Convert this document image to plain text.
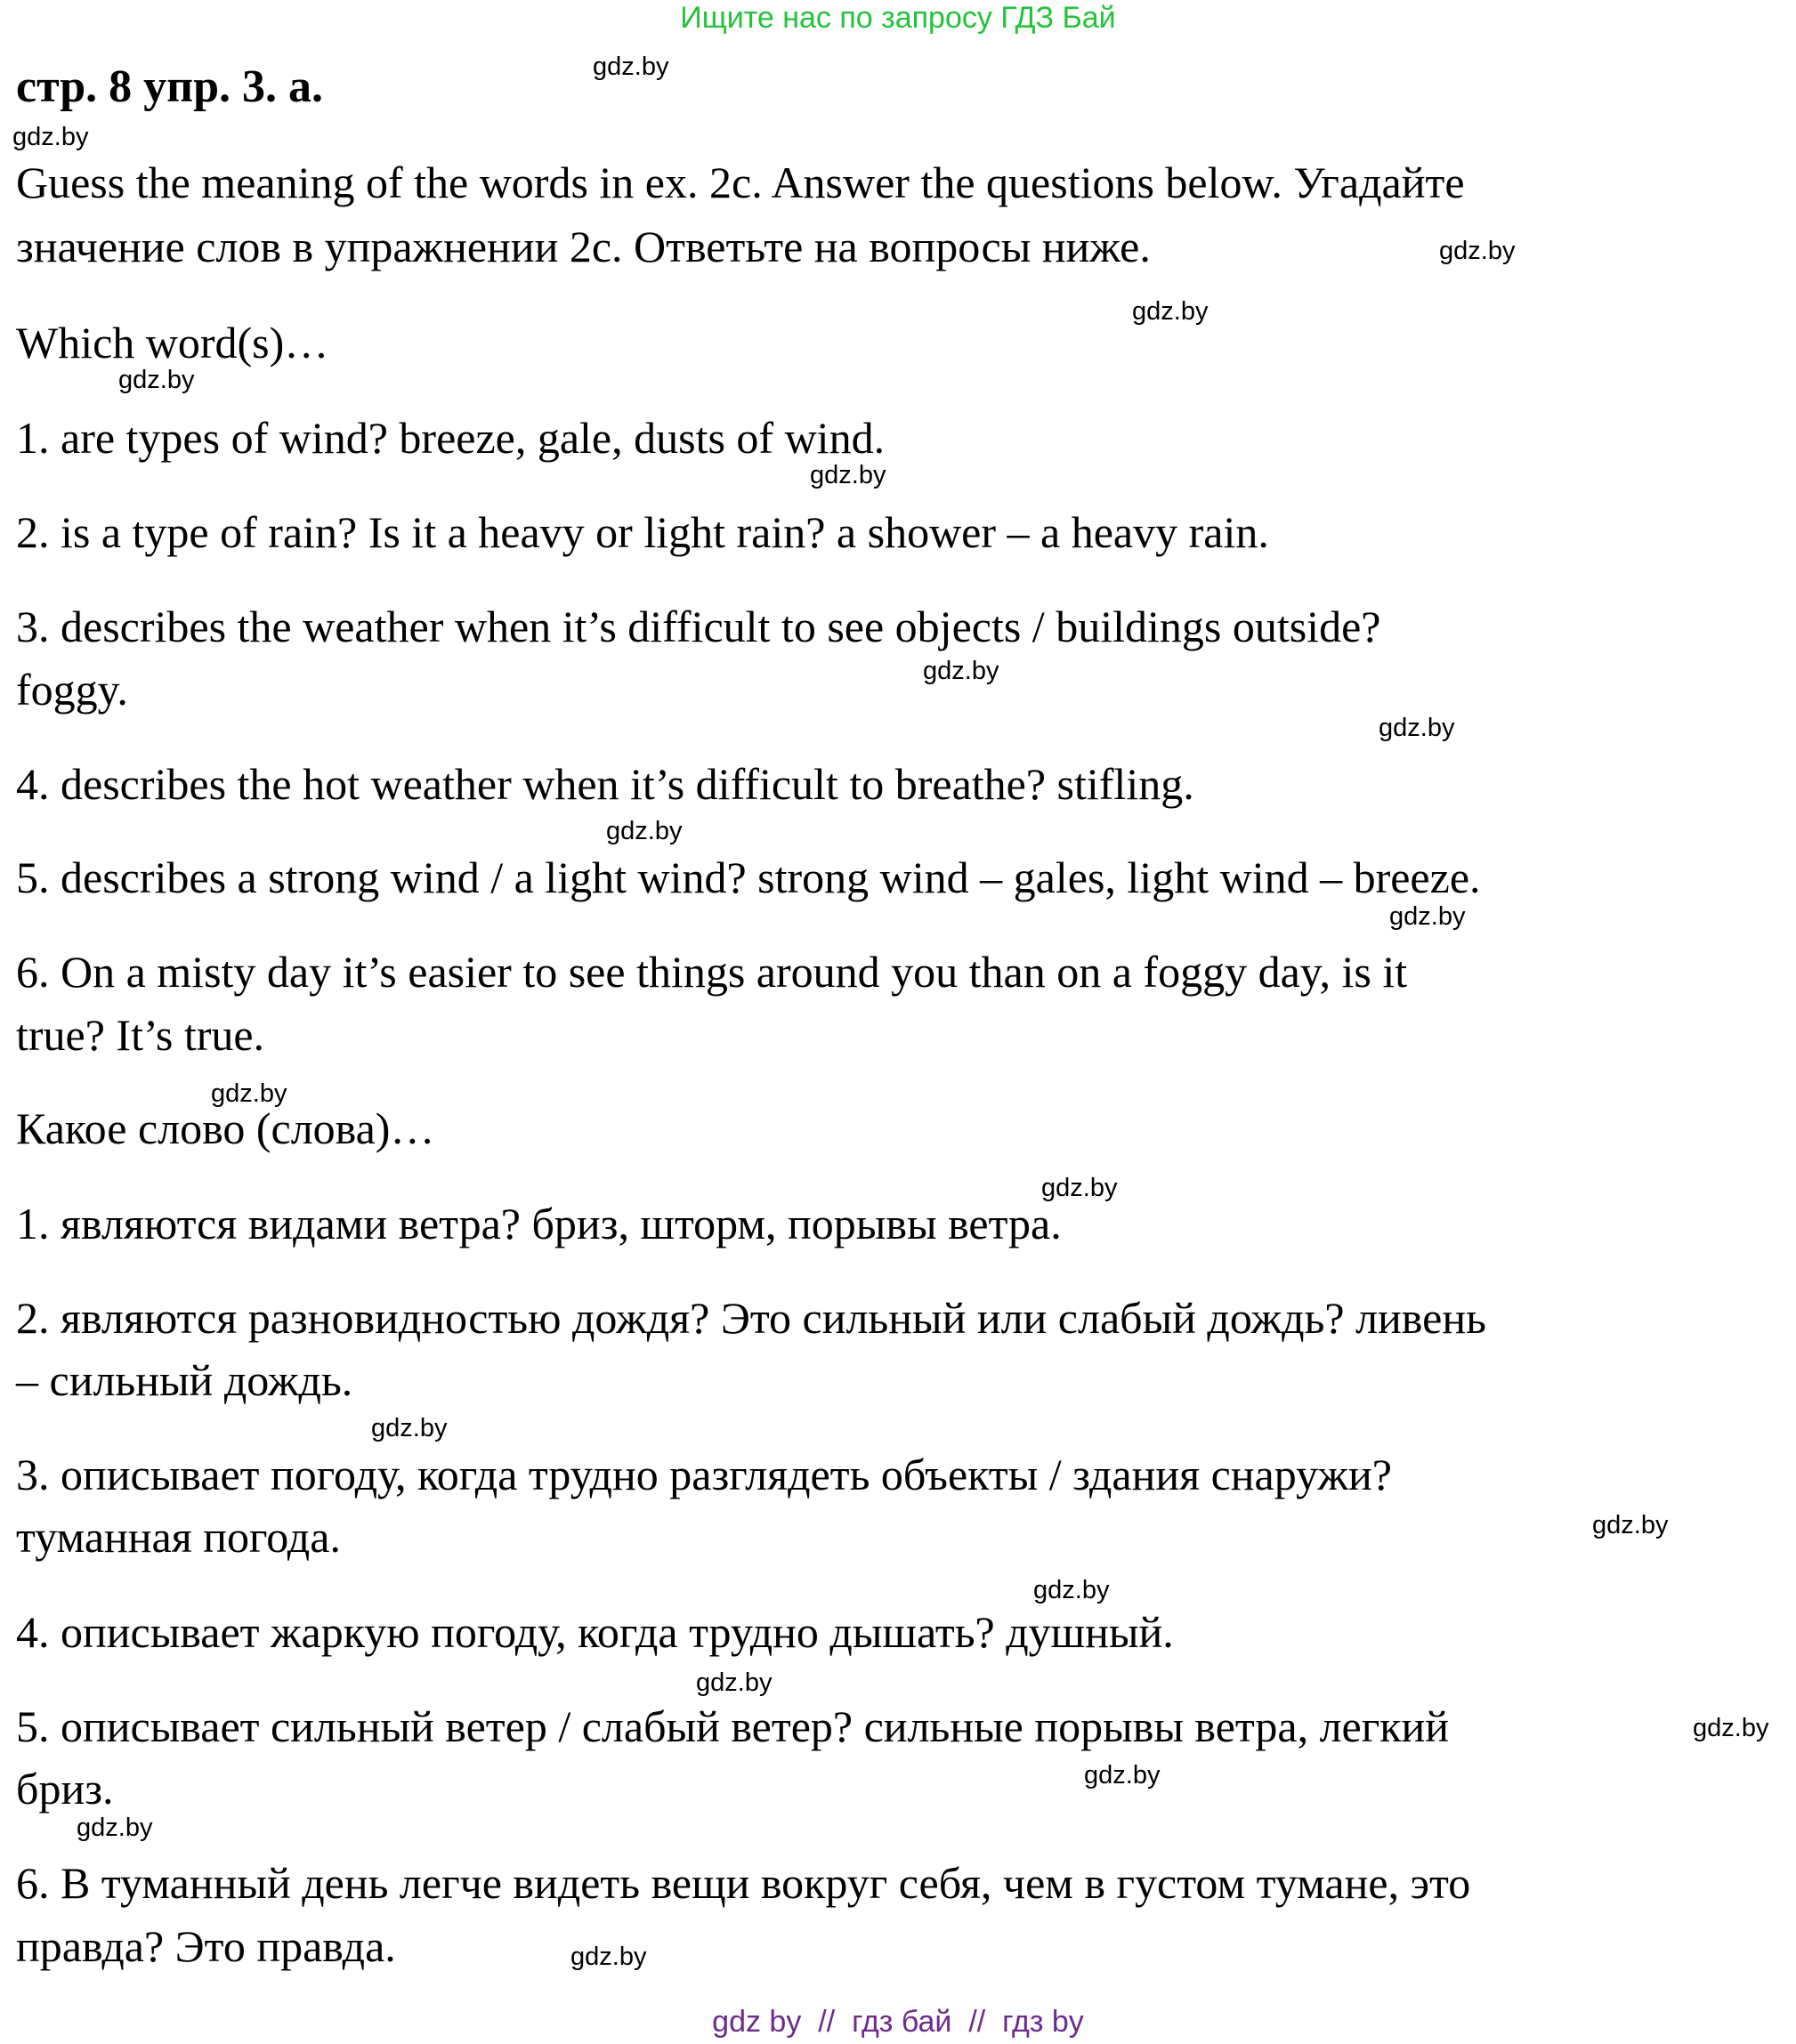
Ищите нас по запросу ГДЗ Бай
стр. 8 упр. 3. а.
Guess the meaning of the words in ex. 2c. Answer the questions below. Угадайте
значение слов в упражнении 2c. Ответьте на вопросы ниже.
Which word(s)…
1. are types of wind? breeze, gale, dusts of wind.
2. is a type of rain? Is it a heavy or light rain? a shower – a heavy rain.
3. describes the weather when it’s difficult to see objects / buildings outside?
foggy.
4. describes the hot weather when it’s difficult to breathe? stifling.
5. describes a strong wind / a light wind? strong wind – gales, light wind – breeze.
6. On a misty day it’s easier to see things around you than on a foggy day, is it
true? It’s true.
Какое слово (слова)…
1. являются видами ветра? бриз, шторм, порывы ветра.
2. являются разновидностью дождя? Это сильный или слабый дождь? ливень
– сильный дождь.
3. описывает погоду, когда трудно разглядеть объекты / здания снаружи?
туманная погода.
4. описывает жаркую погоду, когда трудно дышать? душный.
5. описывает сильный ветер / слабый ветер? сильные порывы ветра, легкий
бриз.
6. В туманный день легче видеть вещи вокруг себя, чем в густом тумане, это
правда? Это правда.
gdz.by
gdz.by
gdz.by
gdz.by
gdz.by
gdz.by
gdz.by
gdz.by
gdz.by
gdz.by
gdz.by
gdz.by
gdz.by
gdz.by
gdz.by
gdz.by
gdz.by
gdz.by
gdz.by
gdz.by
gdz by // гдз бай // гдз by
